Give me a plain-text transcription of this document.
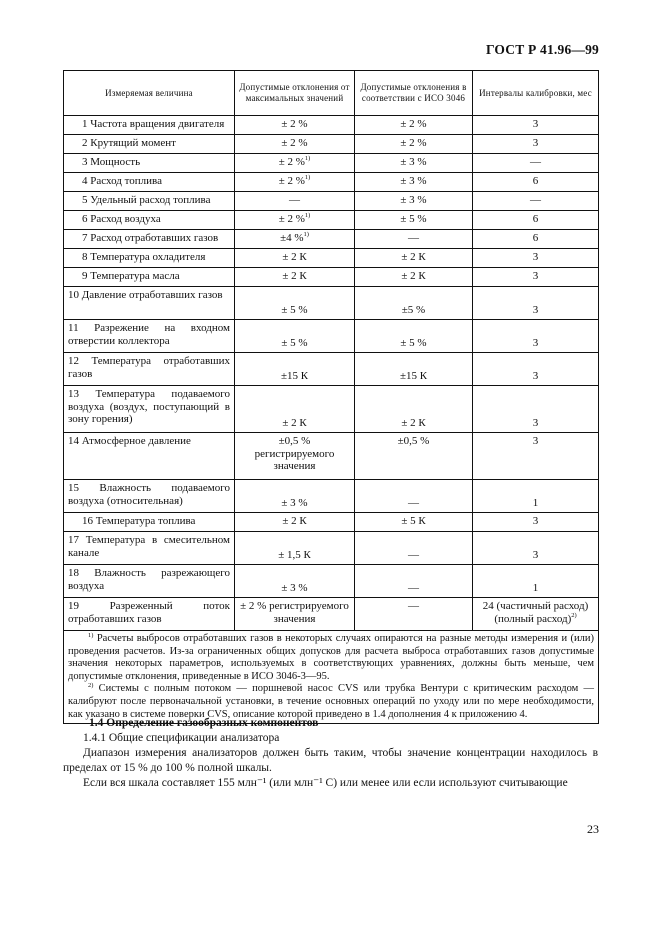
ГОСТ Р 41.96—99
Измеряемая величина	Допустимые отклонения от максимальных значений	Допустимые отклонения в соответствии с ИСО 3046	Интервалы калибровки, мес
1 Частота вращения двигателя	± 2 %	± 2 %	3
2 Крутящий момент	± 2 %	± 2 %	3
3 Мощность	± 2 %$^{1)}$	± 3 %	—
4 Расход топлива	± 2 %$^{1)}$	± 3 %	6
5 Удельный расход топлива	—	± 3 %	—
6 Расход воздуха	± 2 %$^{1)}$	± 5 %	6
7 Расход отработавших газов	±4 %$^{1)}$	—	6
8 Температура охладителя	± 2 К	± 2 К	3
9 Температура масла	± 2 К	± 2 К	3
10 Давление отработавших газов	± 5 %	±5 %	3
11 Разрежение на входном отверстии коллектора	± 5 %	± 5 %	3
12 Температура отработавших газов	±15 К	±15 К	3
13 Температура подаваемого воздуха (воздух, поступающий в зону горения)	± 2 К	± 2 К	3
14 Атмосферное давление	±0,5 % регистрируемого значения	±0,5 %	3
15 Влажность подаваемого воздуха (относительная)	± 3 %	—	1
16 Температура топлива	± 2 К	± 5 К	3
17 Температура в смесительном канале	± 1,5 К	—	3
18 Влажность разрежающего воздуха	± 3 %	—	1
19 Разреженный поток отработавших газов	± 2 % регистрируемого значения	—	24 (частичный расход) (полный расход)$^{2)}$

$^{1)}$ Расчеты выбросов отработавших газов в некоторых случаях опираются на разные методы измерения и (или) проведения расчетов. Из-за ограниченных общих допусков для расчета выброса отработавших газов допустимые значения некоторых параметров, используемых в соответствующих уравнениях, должны быть меньше, чем допустимые отклонения, приведенные в ИСО 3046-3—95.

$^{2)}$ Системы с полным потоком — поршневой насос CVS или трубка Вентури с критическим расходом — калибруют после первоначальной установки, в течение основных операций по уходу или по мере необходимости, как указано в системе поверки CVS, описание которой приведено в 1.4 дополнения 4 к приложению 4.			

1.4 Определение газообразных компонентов

1.4.1 Общие спецификации анализатора

Диапазон измерения анализаторов должен быть таким, чтобы значение концентрации находилось в пределах от 15 % до 100 % полной шкалы.

Если вся шкала составляет 155 млн⁻¹ (или млн⁻¹ С) или менее или если используют считывающие

23
